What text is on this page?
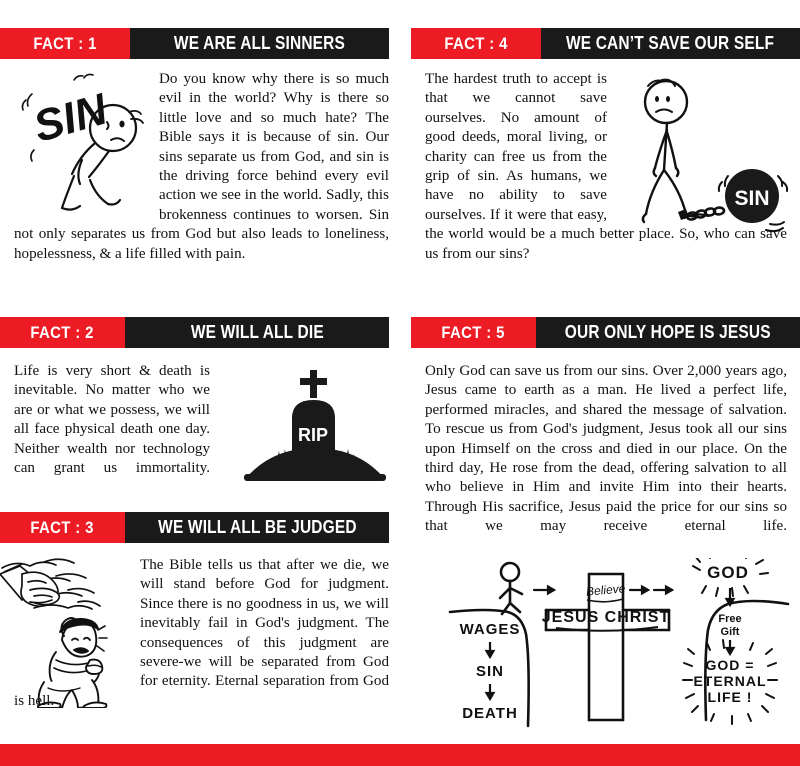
FACT : 1	WE ARE ALL SINNERS
SIN
Do you know why there is so much evil in the world? Why is there so little love and so much hate? The Bible says it is because of sin. Our sins separate us from God, and sin is the driving force behind every evil action we see in the world. Sadly, this brokenness continues to worsen. Sin not only separates us from God but also leads to loneliness, hopelessness, & a life filled with pain.
FACT : 4	WE CAN’T SAVE OUR SELF
SIN
The hardest truth to accept is that we cannot save ourselves. No amount of good deeds, moral living, or charity can free us from the grip of sin. As humans, we have no ability to save ourselves. If it were that easy, the world would be a much better place. So, who can save us from our sins?
FACT : 2	WE WILL ALL DIE
Life is very short & death is inevitable. No matter who we are or what we possess, we will all face physical death one day. Neither wealth nor technology can grant us immortality.
RIP
FACT : 5	OUR ONLY HOPE IS JESUS
Only God can save us from our sins. Over 2,000 years ago, Jesus came to earth as a man. He lived a perfect life, performed miracles, and shared the message of salvation. To rescue us from God's judgment, Jesus took all our sins upon Himself on the cross and died in our place. On the third day, He rose from the dead, offering salvation to all who believe in Him and invite Him into their hearts. Through His sacrifice, Jesus paid the price for our sins so that we may receive eternal life.
Believe
GOD
WAGES
SIN
DEATH
JESUS CHRIST	Free
Gift
GOD =
ETERNAL
LIFE !
FACT : 3	WE WILL ALL BE JUDGED
The Bible tells us that after we die, we will stand before God for judgment. Since there is no goodness in us, we will inevitably fail in God's judgment. The consequences of this judgment are severe-we will be separated from God for eternity. Eternal separation from God is hell.
